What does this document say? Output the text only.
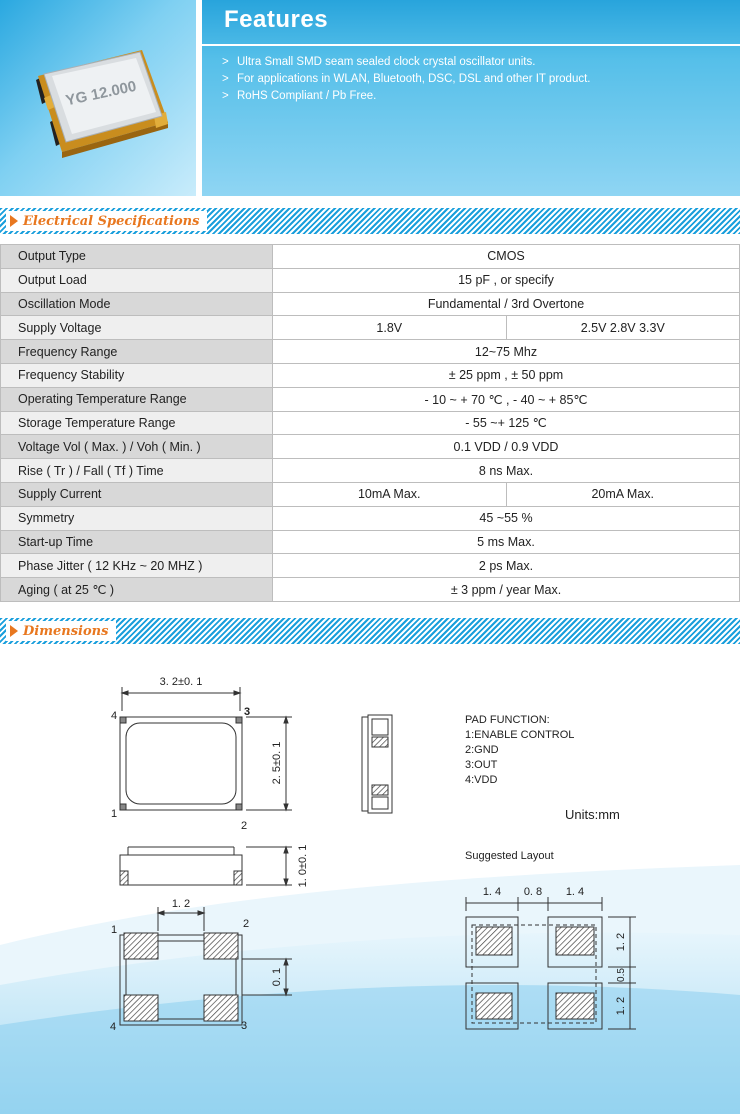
YG 12.000
Features
> Ultra Small SMD seam sealed clock crystal oscillator units.
> For applications in WLAN, Bluetooth, DSC, DSL and other IT product.
> RoHS Compliant / Pb Free.
Electrical Specifications
Output Type	CMOS	
Output Load	15 pF , or specify	
Oscillation Mode	Fundamental / 3rd Overtone	
Supply Voltage	1.8V	2.5V 2.8V 3.3V
Frequency Range	12~75 Mhz	
Frequency Stability	± 25 ppm , ± 50 ppm	
Operating Temperature Range	- 10 ~ + 70 ℃ , - 40 ~ + 85℃	
Storage Temperature Range	- 55 ~+ 125 ℃	
Voltage Vol ( Max. ) / Voh ( Min. )	0.1 VDD / 0.9 VDD	
Rise ( Tr ) / Fall ( Tf ) Time	8 ns Max.	
Supply Current	10mA Max.	20mA Max.
Symmetry	45 ~55 %	
Start-up Time	5 ms Max.	
Phase Jitter ( 12 KHz ~ 20 MHZ )	2 ps Max.	
Aging ( at 25 ℃ )	± 3 ppm / year Max.	
Dimensions
3. 2±0. 1
2. 5±0. 1
1. 0±0. 1
1. 2
0. 1
4	3
1
2
1	2
4	3
1. 4 0. 8 1. 4
1. 2
0.5
1. 2
PAD FUNCTION:
1:ENABLE CONTROL
2:GND
3:OUT
4:VDD
Units:mm
Suggested Layout
